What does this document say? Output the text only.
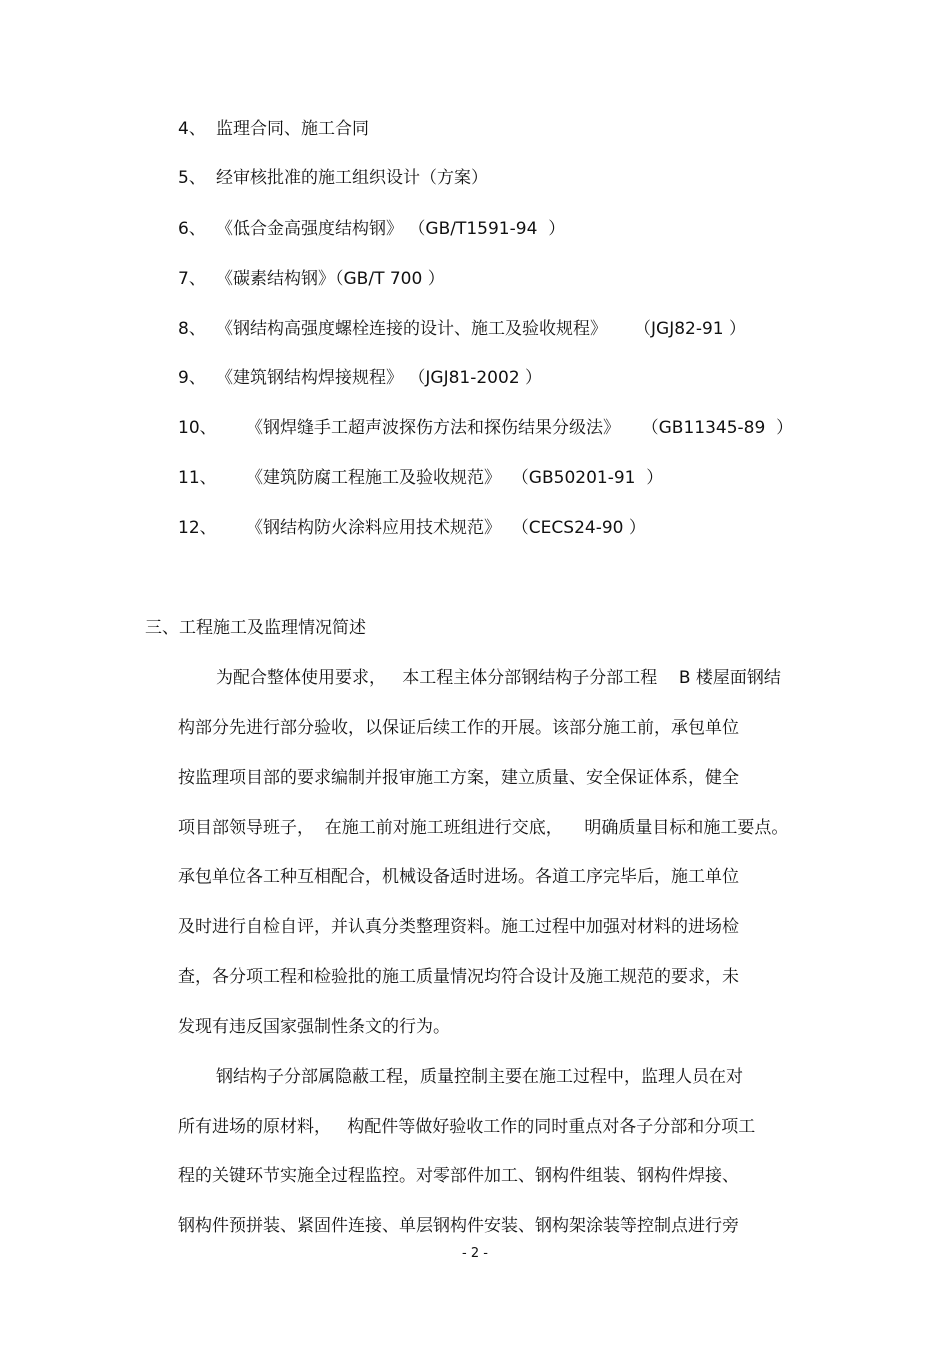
4、 监理合同、施工合同
5、 经审核批准的施工组织设计（方案）
6、 《低合金高强度结构钢》 （GB/T1591-94  ）
7、 《碳素结构钢》（GB/T 700 ）
8、 《钢结构高强度螺栓连接的设计、施工及验收规程》     （JGJ82-91 ）
9、 《建筑钢结构焊接规程》 （JGJ81-2002 ）
10、 《钢焊缝手工超声波探伤方法和探伤结果分级法》    （GB11345-89  ）
11、 《建筑防腐工程施工及验收规范》  （GB50201-91  ）
12、 《钢结构防火涂料应用技术规范》  （CECS24-90 ）
三、工程施工及监理情况简述
为配合整体使用要求，   本工程主体分部钢结构子分部工程    B 楼屋面钢结
构部分先进行部分验收，以保证后续工作的开展。该部分施工前，承包单位
按监理项目部的要求编制并报审施工方案，建立质量、安全保证体系，健全
项目部领导班子，  在施工前对施工班组进行交底，    明确质量目标和施工要点。
承包单位各工种互相配合，机械设备适时进场。各道工序完毕后，施工单位
及时进行自检自评，并认真分类整理资料。施工过程中加强对材料的进场检
查，各分项工程和检验批的施工质量情况均符合设计及施工规范的要求，未
发现有违反国家强制性条文的行为。
钢结构子分部属隐蔽工程，质量控制主要在施工过程中，监理人员在对
所有进场的原材料，   构配件等做好验收工作的同时重点对各子分部和分项工
程的关键环节实施全过程监控。对零部件加工、钢构件组装、钢构件焊接、
钢构件预拼装、紧固件连接、单层钢构件安装、钢构架涂装等控制点进行旁
- 2 -
